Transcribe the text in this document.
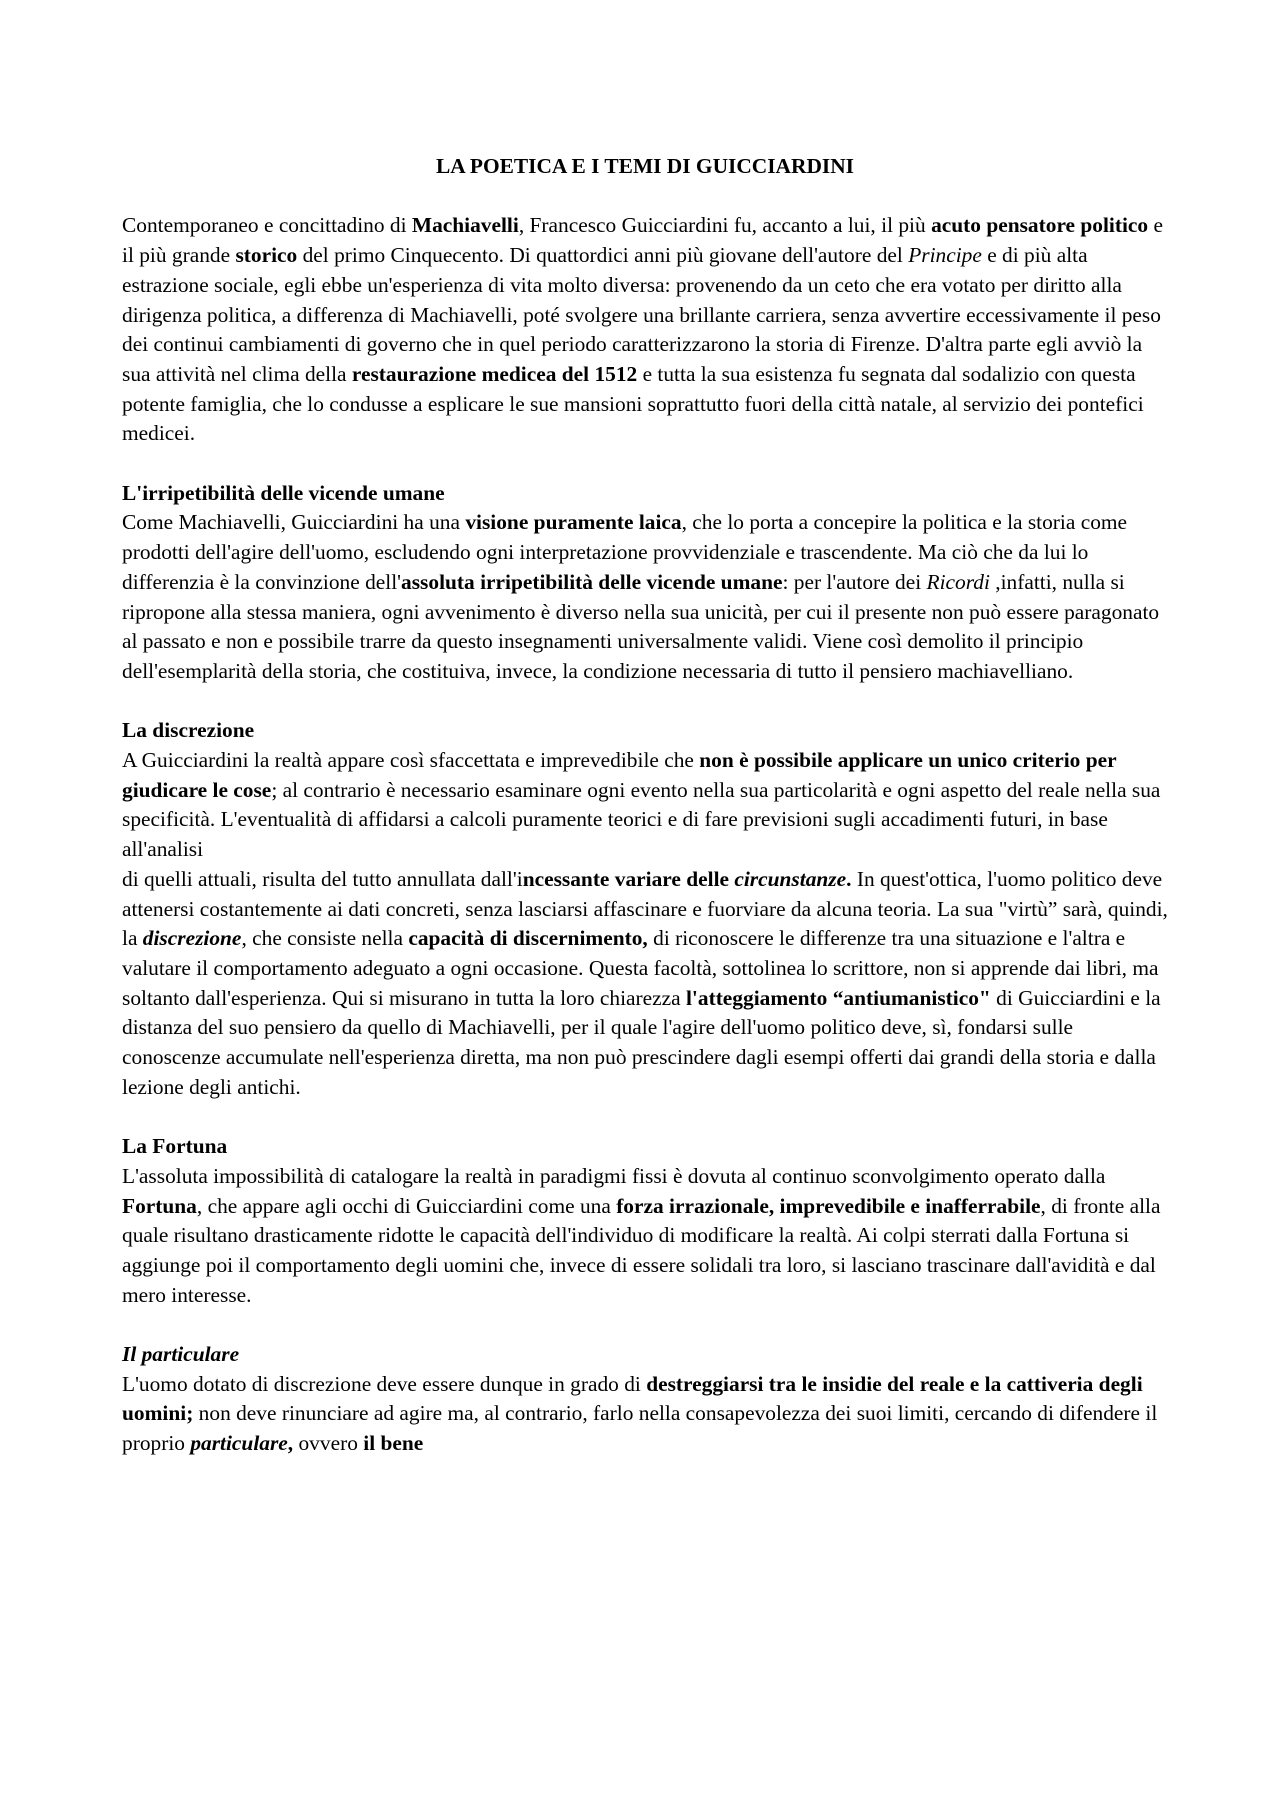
LA POETICA E I TEMI DI GUICCIARDINI

Contemporaneo e concittadino di Machiavelli, Francesco Guicciardini fu, accanto a lui, il più acuto pensatore politico e il più grande storico del primo Cinquecento. Di quattordici anni più giovane dell'autore del Principe e di più alta estrazione sociale, egli ebbe un'esperienza di vita molto diversa: provenendo da un ceto che era votato per diritto alla dirigenza politica, a differenza di Machiavelli, poté svolgere una brillante carriera, senza avvertire eccessivamente il peso dei continui cambiamenti di governo che in quel periodo caratterizzarono la storia di Firenze. D'altra parte egli avviò la sua attività nel clima della restaurazione medicea del 1512 e tutta la sua esistenza fu segnata dal sodalizio con questa potente famiglia, che lo condusse a esplicare le sue mansioni soprattutto fuori della città natale, al servizio dei pontefici medicei.

L'irripetibilità delle vicende umane

Come Machiavelli, Guicciardini ha una visione puramente laica, che lo porta a concepire la politica e la storia come prodotti dell'agire dell'uomo, escludendo ogni interpretazione provvidenziale e trascendente. Ma ciò che da lui lo differenzia è la convinzione dell'assoluta irripetibilità delle vicende umane: per l'autore dei Ricordi ,infatti, nulla si ripropone alla stessa maniera, ogni avvenimento è diverso nella sua unicità, per cui il presente non può essere paragonato al passato e non e possibile trarre da questo insegnamenti universalmente validi. Viene così demolito il principio dell'esemplarità della storia, che costituiva, invece, la condizione necessaria di tutto il pensiero machiavelliano.

La discrezione

A Guicciardini la realtà appare così sfaccettata e imprevedibile che non è possibile applicare un unico criterio per giudicare le cose; al contrario è necessario esaminare ogni evento nella sua particolarità e ogni aspetto del reale nella sua specificità. L'eventualità di affidarsi a calcoli puramente teorici e di fare previsioni sugli accadimenti futuri, in base all'analisi
di quelli attuali, risulta del tutto annullata dall'incessante variare delle circunstanze. In quest'ottica, l'uomo politico deve attenersi costantemente ai dati concreti, senza lasciarsi affascinare e fuorviare da alcuna teoria. La sua "virtù” sarà, quindi, la discrezione, che consiste nella capacità di discernimento, di riconoscere le differenze tra una situazione e l'altra e valutare il comportamento adeguato a ogni occasione. Questa facoltà, sottolinea lo scrittore, non si apprende dai libri, ma soltanto dall'esperienza. Qui si misurano in tutta la loro chiarezza l'atteggiamento “antiumanistico" di Guicciardini e la distanza del suo pensiero da quello di Machiavelli, per il quale l'agire dell'uomo politico deve, sì, fondarsi sulle conoscenze accumulate nell'esperienza diretta, ma non può prescindere dagli esempi offerti dai grandi della storia e dalla lezione degli antichi.

La Fortuna

L'assoluta impossibilità di catalogare la realtà in paradigmi fissi è dovuta al continuo sconvolgimento operato dalla Fortuna, che appare agli occhi di Guicciardini come una forza irrazionale, imprevedibile e inafferrabile, di fronte alla quale risultano drasticamente ridotte le capacità dell'individuo di modificare la realtà. Ai colpi sterrati dalla Fortuna si aggiunge poi il comportamento degli uomini che, invece di essere solidali tra loro, si lasciano trascinare dall'avidità e dal mero interesse.

Il particulare

L'uomo dotato di discrezione deve essere dunque in grado di destreggiarsi tra le insidie del reale e la cattiveria degli uomini; non deve rinunciare ad agire ma, al contrario, farlo nella consapevolezza dei suoi limiti, cercando di difendere il proprio particulare, ovvero il bene
